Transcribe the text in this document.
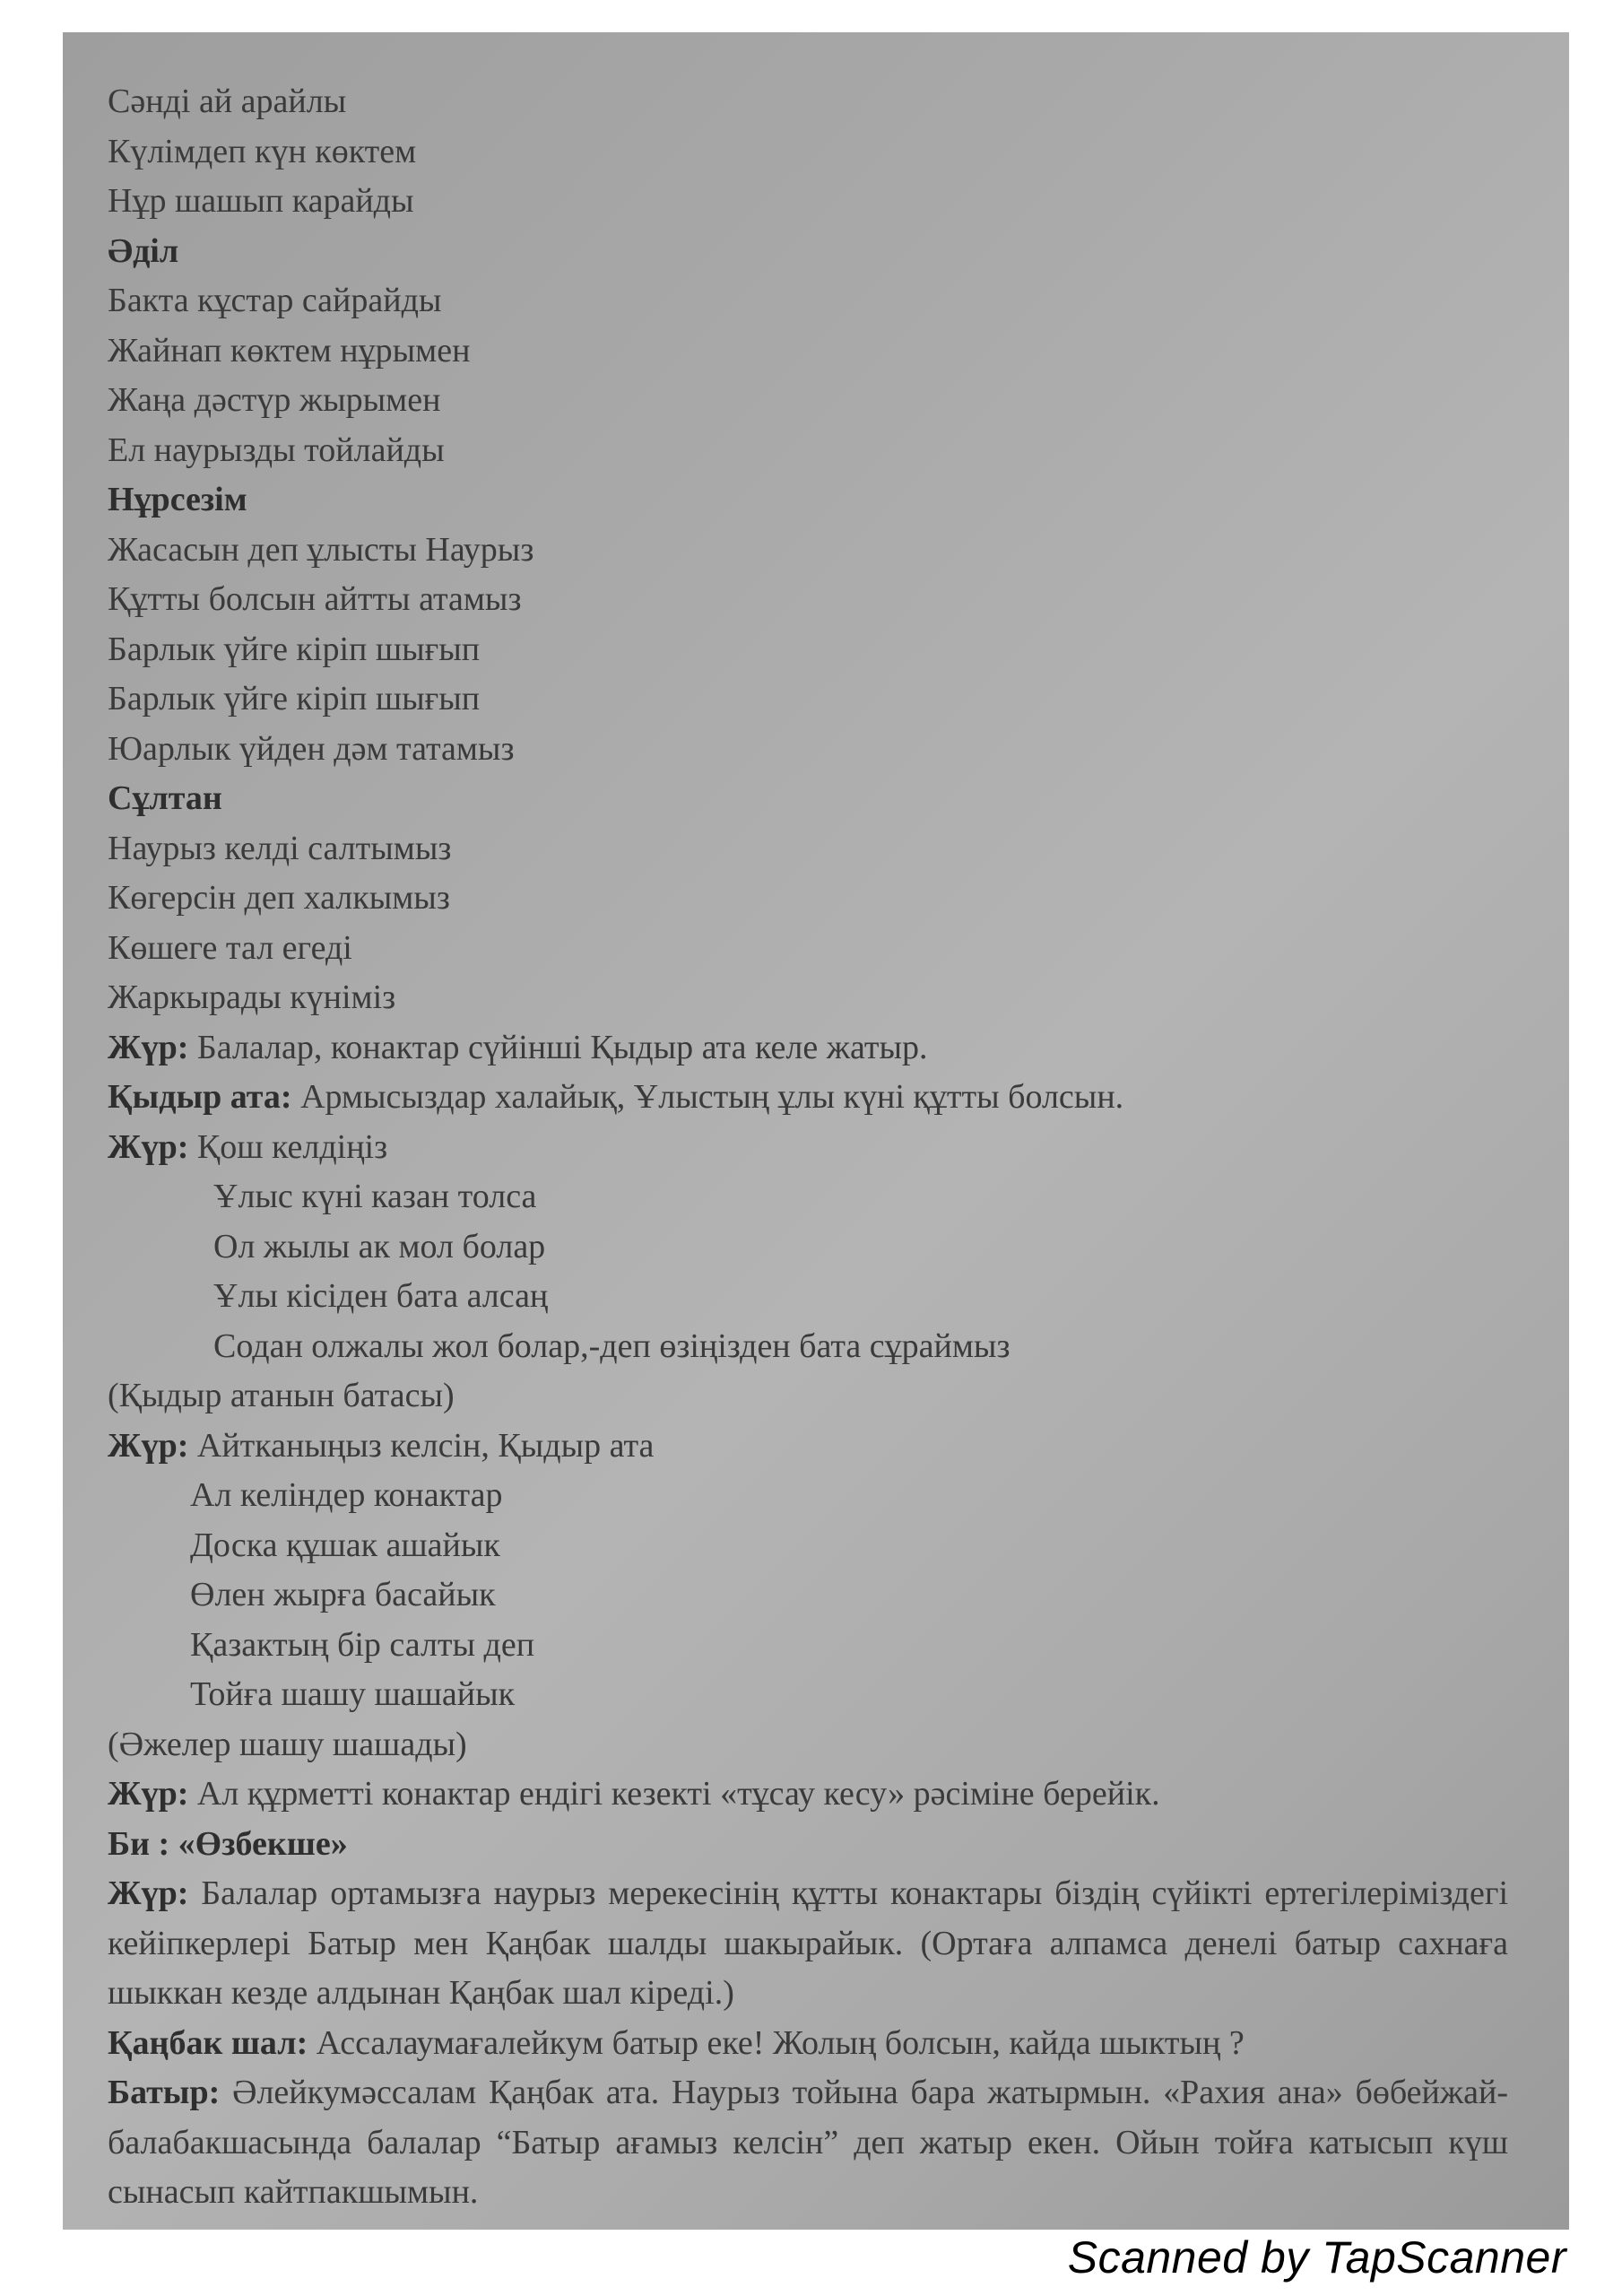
Сәнді ай арайлы
Күлімдеп күн көктем
Нұр шашып карайды
Әділ
Бакта кұстар сайрайды
Жайнап көктем нұрымен
Жаңа дәстүр жырымен
Ел наурызды тойлайды
Нұрсезім
Жасасын деп ұлысты Наурыз
Құтты болсын айтты атамыз
Барлык үйге кіріп шығып
Барлык үйге кіріп шығып
Юарлык үйден дәм татамыз
Сұлтан
Наурыз келді салтымыз
Көгерсін деп халкымыз
Көшеге тал егеді
Жаркырады күніміз
Жүр: Балалар, конактар сүйінші Қыдыр ата келе жатыр.
Қыдыр ата: Армысыздар халайық, Ұлыстың ұлы күні құтты болсын.
Жүр: Қош келдіңіз
Ұлыс күні казан толса
Ол жылы ак мол болар
Ұлы кісіден бата алсаң
Содан олжалы жол болар,-деп өзіңізден бата сұраймыз
(Қыдыр атанын батасы)
Жүр: Айтканыңыз келсін, Қыдыр ата
Ал келіндер конактар
Доска құшак ашайык
Өлен жырға басайык
Қазактың бір салты деп
Тойға шашу шашайык
(Әжелер шашу шашады)
Жүр: Ал құрметті конактар ендігі кезекті «тұсау кесу» рәсіміне берейік.
Би : «Өзбекше»
Жүр: Балалар ортамызға наурыз мерекесінің құтты конактары біздің сүйікті ертегілеріміздегі кейіпкерлері Батыр мен Қаңбак шалды шакырайык. (Ортаға алпамса денелі батыр сахнаға шыккан кезде алдынан Қаңбак шал кіреді.)
Қаңбак шал: Ассалаумағалейкум батыр еке! Жолың болсын, кайда шыктың ?
Батыр: Әлейкумәссалам Қаңбак ата. Наурыз тойына бара жатырмын. «Рахия ана» бөбейжай-балабакшасында балалар “Батыр ағамыз келсін” деп жатыр екен. Ойын тойға катысып күш сынасып кайтпакшымын.
Scanned by TapScanner
